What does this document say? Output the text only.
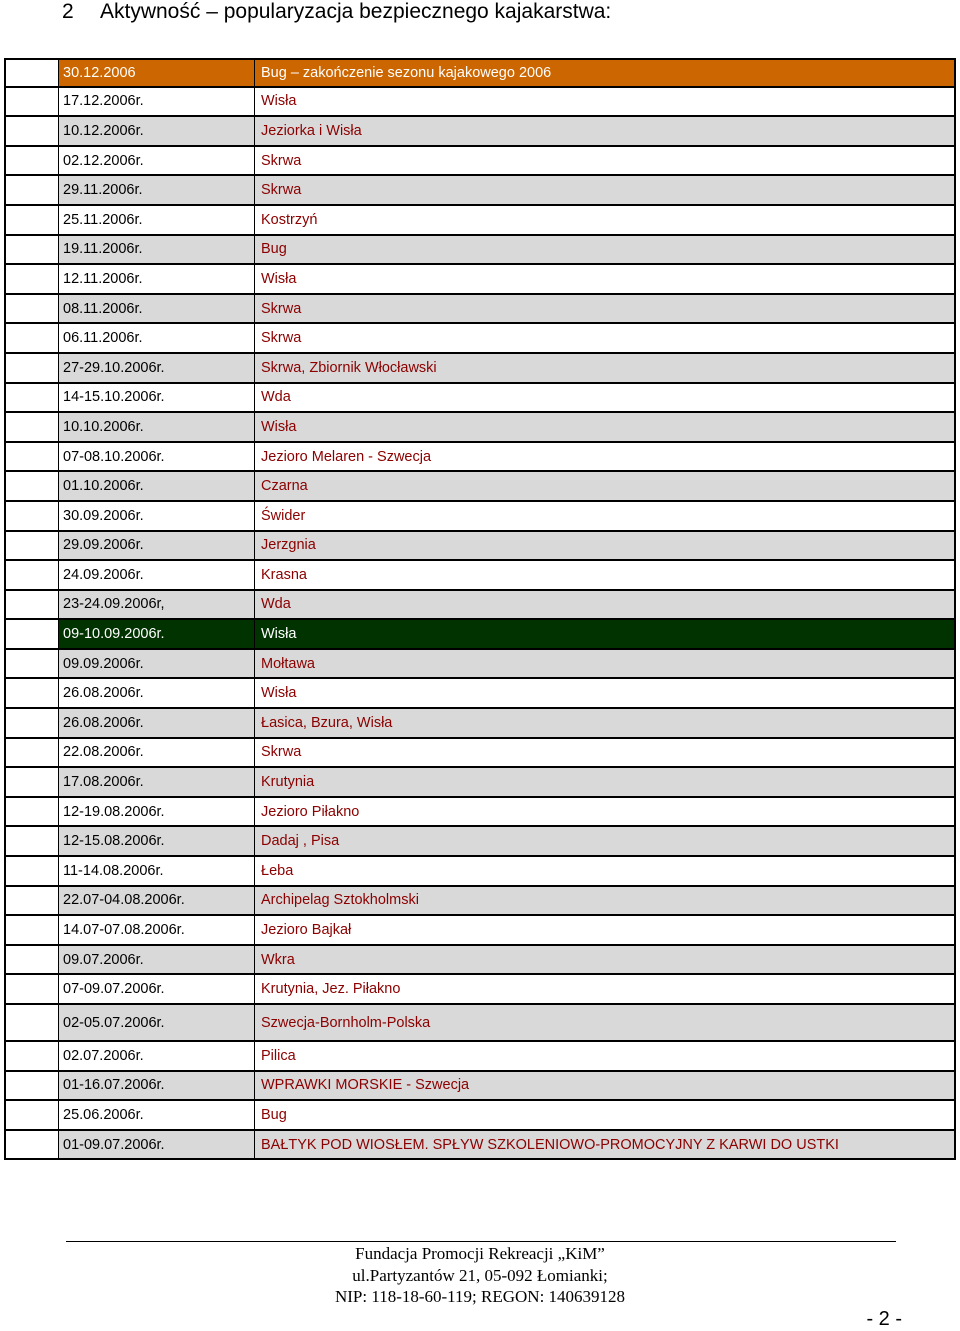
2 Aktywność – popularyzacja bezpiecznego kajakarstwa:
30.12.2006	Bug – zakończenie sezonu kajakowego 2006
17.12.2006r.	Wisła
10.12.2006r.	Jeziorka i Wisła
02.12.2006r.	Skrwa
29.11.2006r.	Skrwa
25.11.2006r.	Kostrzyń
19.11.2006r.	Bug
12.11.2006r.	Wisła
08.11.2006r.	Skrwa
06.11.2006r.	Skrwa
27-29.10.2006r.	Skrwa, Zbiornik Włocławski
14-15.10.2006r.	Wda
10.10.2006r.	Wisła
07-08.10.2006r.	Jezioro Melaren - Szwecja
01.10.2006r.	Czarna
30.09.2006r.	Świder
29.09.2006r.	Jerzgnia
24.09.2006r.	Krasna
23-24.09.2006r,	Wda
09-10.09.2006r.	Wisła
09.09.2006r.	Mołtawa
26.08.2006r.	Wisła
26.08.2006r.	Łasica, Bzura, Wisła
22.08.2006r.	Skrwa
17.08.2006r.	Krutynia
12-19.08.2006r.	Jezioro Piłakno
12-15.08.2006r.	Dadaj , Pisa
11-14.08.2006r.	Łeba
22.07-04.08.2006r.	Archipelag Sztokholmski
14.07-07.08.2006r.	Jezioro Bajkał
09.07.2006r.	Wkra
07-09.07.2006r.	Krutynia, Jez. Piłakno
02-05.07.2006r.	Szwecja-Bornholm-Polska
02.07.2006r.	Pilica
01-16.07.2006r.	WPRAWKI MORSKIE - Szwecja
25.06.2006r.	Bug
01-09.07.2006r.	BAŁTYK POD WIOSŁEM. SPŁYW SZKOLENIOWO-PROMOCYJNY Z KARWI DO USTKI
Fundacja Promocji Rekreacji „KiM”
ul.Partyzantów 21, 05-092 Łomianki;
NIP: 118-18-60-119; REGON: 140639128
- 2 -
